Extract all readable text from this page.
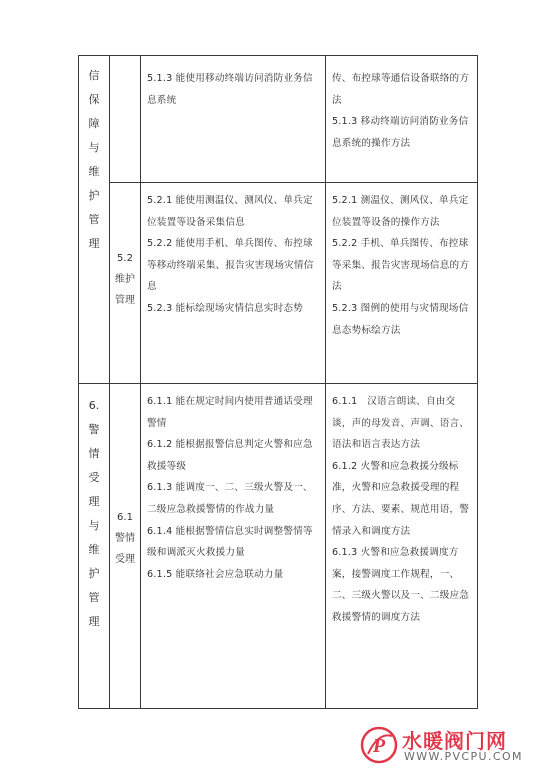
信
保
障
与
维
护
管
理

5.1.3 能使用移动终端访问消防业务信息系统

传、布控球等通信设备联络的方法

5.1.3 移动终端访问消防业务信息系统的操作方法

5.2
维护
管理

5.2.1 能使用测温仪、测风仪、单兵定位装置等设备采集信息

5.2.2 能使用手机、单兵图传、布控球等移动终端采集、报告灾害现场灾情信息

5.2.3 能标绘现场灾情信息实时态势

5.2.1 测温仪、测风仪、单兵定位装置等设备的操作方法

5.2.2 手机、单兵图传、布控球等采集、报告灾害现场信息的方法

5.2.3 图例的使用与灾情现场信息态势标绘方法

6.
警
情
受
理
与
维
护
管
理
6.1
警情
受理

6.1.1 能在规定时间内使用普通话受理警情

6.1.2 能根据报警信息判定火警和应急救援等级

6.1.3 能调度一、二、三级火警及一、二级应急救援警情的作战力量

6.1.4 能根据警情信息实时调整警情等级和调派灭火救援力量

6.1.5 能联络社会应急联动力量

6.1.1　汉语言朗读、自由交谈，声的母发音、声调、语言、语法和语言表达方法

6.1.2 火警和应急救援分级标准，火警和应急救援受理的程序、方法、要素、规范用语，警情录入和调度方法

6.1.3 火警和应急救援调度方案，接警调度工作规程，一、二、三级火警以及一、二级应急救援警情的调度方法

P 水暖阀门网
WWW.PVCPU.COM
